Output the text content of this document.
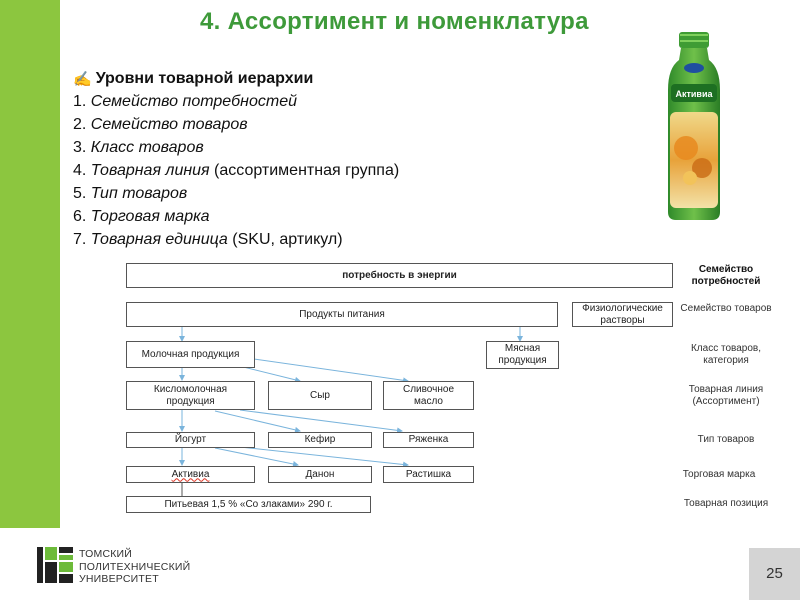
4. Ассортимент и номенклатура
✍ Уровни товарной иерархии
1. Семейство потребностей
2. Семейство товаров
3. Класс товаров
4. Товарная линия (ассортиментная группа)
5. Тип товаров
6. Торговая марка
7. Товарная единица (SKU, артикул)
Активиа
потребность в энергии
Продукты питания
Физиологические растворы
Молочная продукция	Мясная продукция
Кисломолочная продукция
Сыр
Сливочное масло
Йогурт	Кефир	Ряженка
Активиа	Данон	Растишка
Питьевая 1,5 % «Со злаками» 290 г.
Семейство потребностей
Семейство товаров
Класс товаров, категория
Товарная линия (Ассортимент)
Тип товаров
Торговая марка
Товарная позиция
ТОМСКИЙ
ПОЛИТЕХНИЧЕСКИЙ
УНИВЕРСИТЕТ	25
